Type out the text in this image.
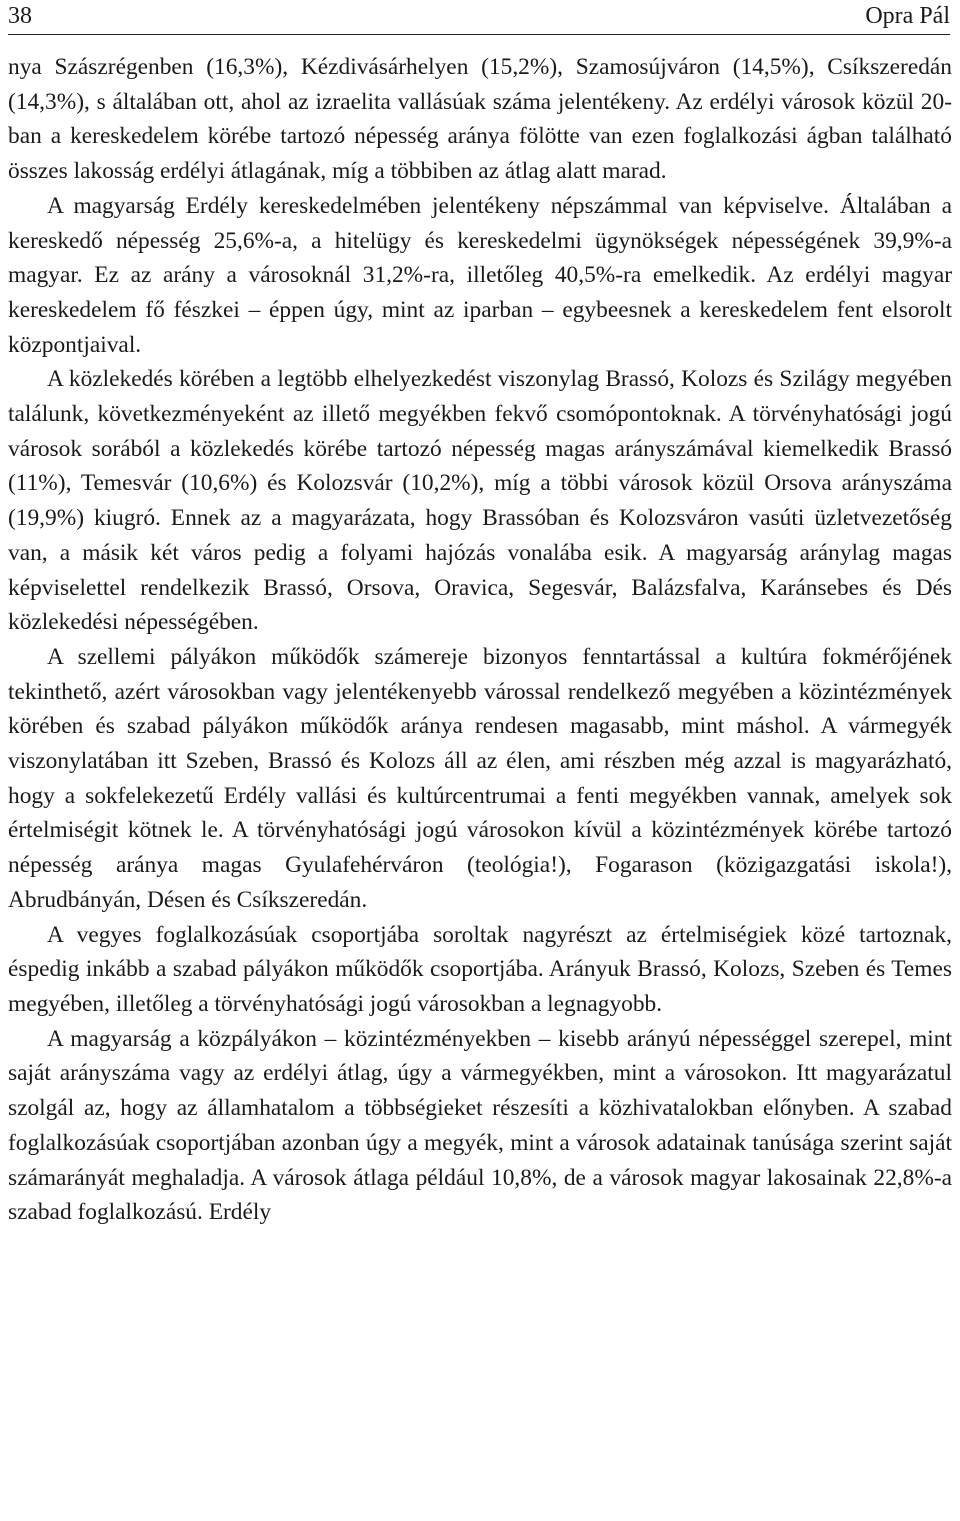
38	Opra Pál

nya Szászrégenben (16,3%), Kézdivásárhelyen (15,2%), Szamosújváron (14,5%), Csíkszeredán (14,3%), s általában ott, ahol az izraelita vallásúak száma jelentékeny. Az erdélyi városok közül 20-ban a kereskedelem körébe tartozó népesség aránya fölötte van ezen foglalkozási ágban található összes lakosság erdélyi átlagának, míg a többiben az átlag alatt marad.

A magyarság Erdély kereskedelmében jelentékeny népszámmal van képviselve. Általában a kereskedő népesség 25,6%-a, a hitelügy és kereskedelmi ügynökségek népességének 39,9%-a magyar. Ez az arány a városoknál 31,2%-ra, illetőleg 40,5%-ra emelkedik. Az erdélyi magyar kereskedelem fő fészkei – éppen úgy, mint az iparban – egybeesnek a kereskedelem fent elsorolt központjaival.

A közlekedés körében a legtöbb elhelyezkedést viszonylag Brassó, Kolozs és Szilágy megyében találunk, következményeként az illető megyékben fekvő csomópontoknak. A törvényhatósági jogú városok sorából a közlekedés körébe tartozó népesség magas arányszámával kiemelkedik Brassó (11%), Temesvár (10,6%) és Kolozsvár (10,2%), míg a többi városok közül Orsova arányszáma (19,9%) kiugró. Ennek az a magyarázata, hogy Brassóban és Kolozsváron vasúti üzletvezetőség van, a másik két város pedig a folyami hajózás vonalába esik. A magyarság aránylag magas képviselettel rendelkezik Brassó, Orsova, Oravica, Segesvár, Balázsfalva, Karánsebes és Dés közlekedési népességében.

A szellemi pályákon működők számereje bizonyos fenntartással a kultúra fokmérőjének tekinthető, azért városokban vagy jelentékenyebb várossal rendelkező megyében a közintézmények körében és szabad pályákon működők aránya rendesen magasabb, mint máshol. A vármegyék viszonylatában itt Szeben, Brassó és Kolozs áll az élen, ami részben még azzal is magyarázható, hogy a sokfelekezetű Erdély vallási és kultúrcentrumai a fenti megyékben vannak, amelyek sok értelmiségit kötnek le. A törvényhatósági jogú városokon kívül a közintézmények körébe tartozó népesség aránya magas Gyulafehérváron (teológia!), Fogarason (közigazgatási iskola!), Abrudbányán, Désen és Csíkszeredán.

A vegyes foglalkozásúak csoportjába soroltak nagyrészt az értelmiségiek közé tartoznak, éspedig inkább a szabad pályákon működők csoportjába. Arányuk Brassó, Kolozs, Szeben és Temes megyében, illetőleg a törvényhatósági jogú városokban a legnagyobb.

A magyarság a közpályákon – közintézményekben – kisebb arányú népességgel szerepel, mint saját arányszáma vagy az erdélyi átlag, úgy a vármegyékben, mint a városokon. Itt magyarázatul szolgál az, hogy az államhatalom a többségieket részesíti a közhivatalokban előnyben. A szabad foglalkozásúak csoportjában azonban úgy a megyék, mint a városok adatainak tanúsága szerint saját számarányát meghaladja. A városok átlaga például 10,8%, de a városok magyar lakosainak 22,8%-a szabad foglalkozású. Erdély
